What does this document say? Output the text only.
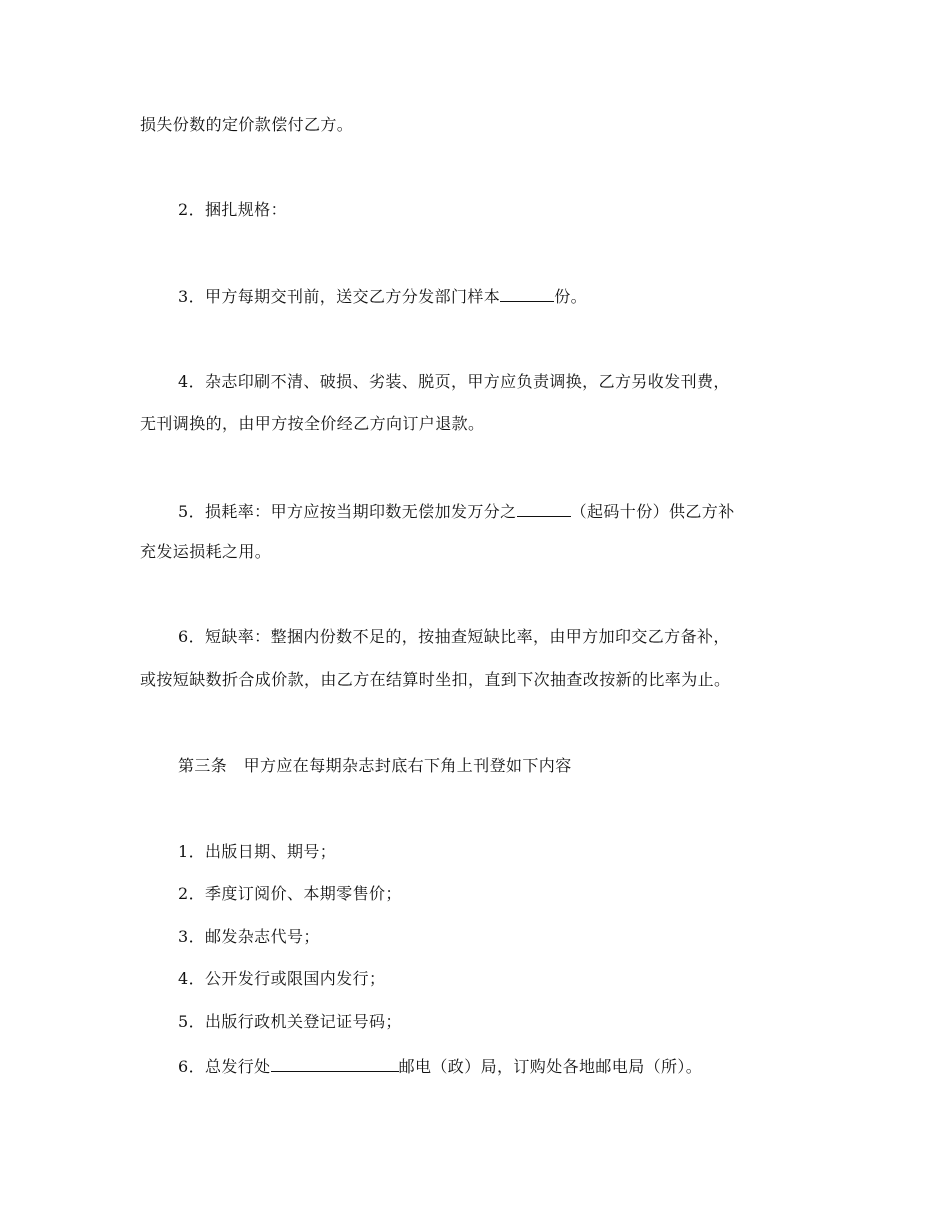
损失份数的定价款偿付乙方。
2．捆扎规格：
3．甲方每期交刊前，送交乙方分发部门样本	份。
4．杂志印刷不清、破损、劣装、脱页，甲方应负责调换，乙方另收发刊费，
无刊调换的，由甲方按全价经乙方向订户退款。
5．损耗率：甲方应按当期印数无偿加发万分之	（起码十份）供乙方补
充发运损耗之用。
6．短缺率：整捆内份数不足的，按抽查短缺比率，由甲方加印交乙方备补，
或按短缺数折合成价款，由乙方在结算时坐扣，直到下次抽查改按新的比率为止。
第三条　甲方应在每期杂志封底右下角上刊登如下内容
1．出版日期、期号；
2．季度订阅价、本期零售价；
3．邮发杂志代号；
4．公开发行或限国内发行；
5．出版行政机关登记证号码；
6．总发行处	邮电（政）局，订购处各地邮电局（所）。
